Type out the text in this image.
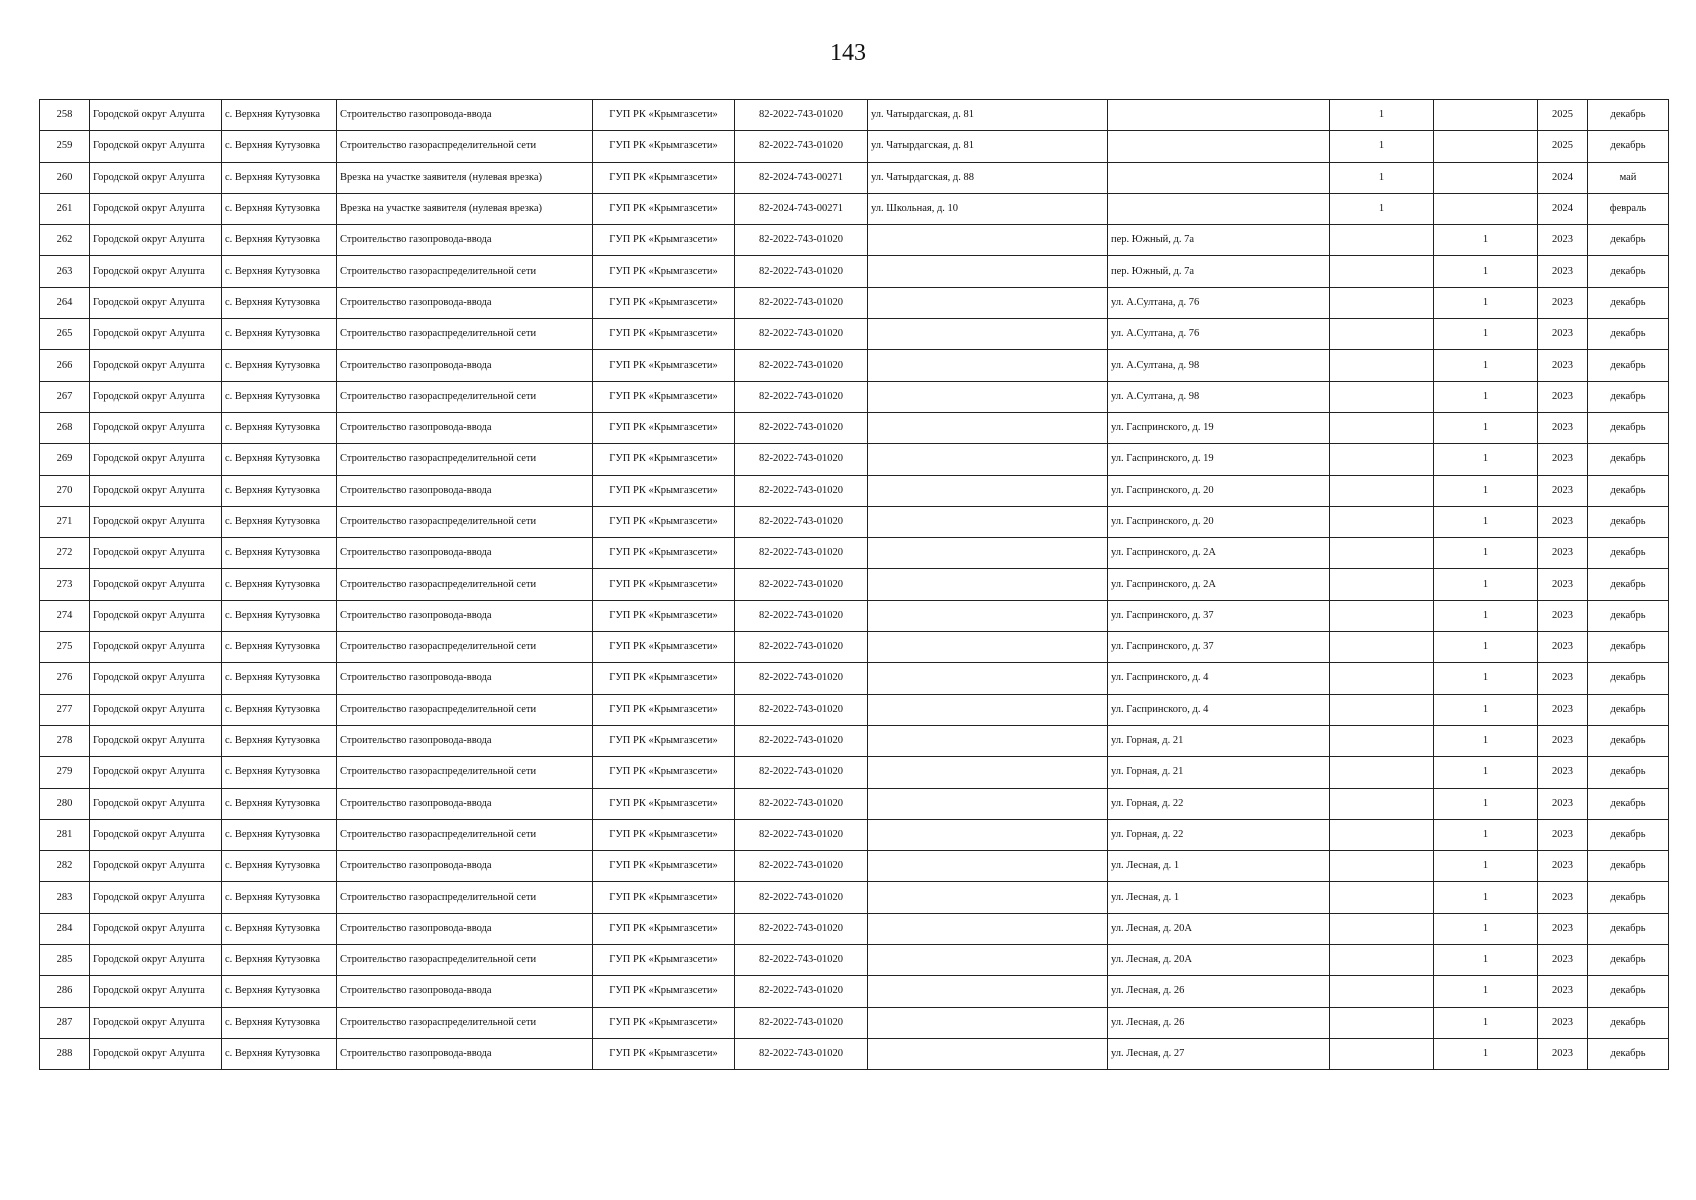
143
258	Городской округ Алушта	с. Верхняя Кутузовка	Строительство газопровода-ввода	ГУП РК «Крымгазсети»	82-2022-743-01020	ул. Чатырдагская, д. 81		1		2025	декабрь
259	Городской округ Алушта	с. Верхняя Кутузовка	Строительство газораспределительной сети	ГУП РК «Крымгазсети»	82-2022-743-01020	ул. Чатырдагская, д. 81		1		2025	декабрь
260	Городской округ Алушта	с. Верхняя Кутузовка	Врезка на участке заявителя (нулевая врезка)	ГУП РК «Крымгазсети»	82-2024-743-00271	ул. Чатырдагская, д. 88		1		2024	май
261	Городской округ Алушта	с. Верхняя Кутузовка	Врезка на участке заявителя (нулевая врезка)	ГУП РК «Крымгазсети»	82-2024-743-00271	ул. Школьная, д. 10		1		2024	февраль
262	Городской округ Алушта	с. Верхняя Кутузовка	Строительство газопровода-ввода	ГУП РК «Крымгазсети»	82-2022-743-01020		пер. Южный, д. 7а		1	2023	декабрь
263	Городской округ Алушта	с. Верхняя Кутузовка	Строительство газораспределительной сети	ГУП РК «Крымгазсети»	82-2022-743-01020		пер. Южный, д. 7а		1	2023	декабрь
264	Городской округ Алушта	с. Верхняя Кутузовка	Строительство газопровода-ввода	ГУП РК «Крымгазсети»	82-2022-743-01020		ул. А.Султана, д. 76		1	2023	декабрь
265	Городской округ Алушта	с. Верхняя Кутузовка	Строительство газораспределительной сети	ГУП РК «Крымгазсети»	82-2022-743-01020		ул. А.Султана, д. 76		1	2023	декабрь
266	Городской округ Алушта	с. Верхняя Кутузовка	Строительство газопровода-ввода	ГУП РК «Крымгазсети»	82-2022-743-01020		ул. А.Султана, д. 98		1	2023	декабрь
267	Городской округ Алушта	с. Верхняя Кутузовка	Строительство газораспределительной сети	ГУП РК «Крымгазсети»	82-2022-743-01020		ул. А.Султана, д. 98		1	2023	декабрь
268	Городской округ Алушта	с. Верхняя Кутузовка	Строительство газопровода-ввода	ГУП РК «Крымгазсети»	82-2022-743-01020		ул. Гаспринского, д. 19		1	2023	декабрь
269	Городской округ Алушта	с. Верхняя Кутузовка	Строительство газораспределительной сети	ГУП РК «Крымгазсети»	82-2022-743-01020		ул. Гаспринского, д. 19		1	2023	декабрь
270	Городской округ Алушта	с. Верхняя Кутузовка	Строительство газопровода-ввода	ГУП РК «Крымгазсети»	82-2022-743-01020		ул. Гаспринского, д. 20		1	2023	декабрь
271	Городской округ Алушта	с. Верхняя Кутузовка	Строительство газораспределительной сети	ГУП РК «Крымгазсети»	82-2022-743-01020		ул. Гаспринского, д. 20		1	2023	декабрь
272	Городской округ Алушта	с. Верхняя Кутузовка	Строительство газопровода-ввода	ГУП РК «Крымгазсети»	82-2022-743-01020		ул. Гаспринского, д. 2А		1	2023	декабрь
273	Городской округ Алушта	с. Верхняя Кутузовка	Строительство газораспределительной сети	ГУП РК «Крымгазсети»	82-2022-743-01020		ул. Гаспринского, д. 2А		1	2023	декабрь
274	Городской округ Алушта	с. Верхняя Кутузовка	Строительство газопровода-ввода	ГУП РК «Крымгазсети»	82-2022-743-01020		ул. Гаспринского, д. 37		1	2023	декабрь
275	Городской округ Алушта	с. Верхняя Кутузовка	Строительство газораспределительной сети	ГУП РК «Крымгазсети»	82-2022-743-01020		ул. Гаспринского, д. 37		1	2023	декабрь
276	Городской округ Алушта	с. Верхняя Кутузовка	Строительство газопровода-ввода	ГУП РК «Крымгазсети»	82-2022-743-01020		ул. Гаспринского, д. 4		1	2023	декабрь
277	Городской округ Алушта	с. Верхняя Кутузовка	Строительство газораспределительной сети	ГУП РК «Крымгазсети»	82-2022-743-01020		ул. Гаспринского, д. 4		1	2023	декабрь
278	Городской округ Алушта	с. Верхняя Кутузовка	Строительство газопровода-ввода	ГУП РК «Крымгазсети»	82-2022-743-01020		ул. Горная, д. 21		1	2023	декабрь
279	Городской округ Алушта	с. Верхняя Кутузовка	Строительство газораспределительной сети	ГУП РК «Крымгазсети»	82-2022-743-01020		ул. Горная, д. 21		1	2023	декабрь
280	Городской округ Алушта	с. Верхняя Кутузовка	Строительство газопровода-ввода	ГУП РК «Крымгазсети»	82-2022-743-01020		ул. Горная, д. 22		1	2023	декабрь
281	Городской округ Алушта	с. Верхняя Кутузовка	Строительство газораспределительной сети	ГУП РК «Крымгазсети»	82-2022-743-01020		ул. Горная, д. 22		1	2023	декабрь
282	Городской округ Алушта	с. Верхняя Кутузовка	Строительство газопровода-ввода	ГУП РК «Крымгазсети»	82-2022-743-01020		ул. Лесная, д. 1		1	2023	декабрь
283	Городской округ Алушта	с. Верхняя Кутузовка	Строительство газораспределительной сети	ГУП РК «Крымгазсети»	82-2022-743-01020		ул. Лесная, д. 1		1	2023	декабрь
284	Городской округ Алушта	с. Верхняя Кутузовка	Строительство газопровода-ввода	ГУП РК «Крымгазсети»	82-2022-743-01020		ул. Лесная, д. 20А		1	2023	декабрь
285	Городской округ Алушта	с. Верхняя Кутузовка	Строительство газораспределительной сети	ГУП РК «Крымгазсети»	82-2022-743-01020		ул. Лесная, д. 20А		1	2023	декабрь
286	Городской округ Алушта	с. Верхняя Кутузовка	Строительство газопровода-ввода	ГУП РК «Крымгазсети»	82-2022-743-01020		ул. Лесная, д. 26		1	2023	декабрь
287	Городской округ Алушта	с. Верхняя Кутузовка	Строительство газораспределительной сети	ГУП РК «Крымгазсети»	82-2022-743-01020		ул. Лесная, д. 26		1	2023	декабрь
288	Городской округ Алушта	с. Верхняя Кутузовка	Строительство газопровода-ввода	ГУП РК «Крымгазсети»	82-2022-743-01020		ул. Лесная, д. 27		1	2023	декабрь
